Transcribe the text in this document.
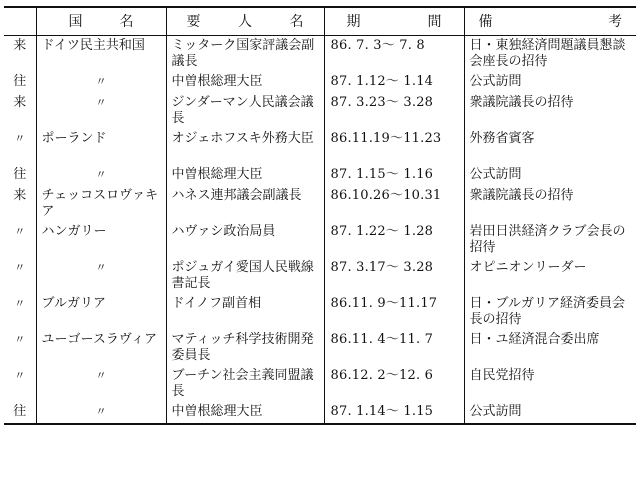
	国 名	要 人 名	期 間	備 考

来	ドイツ民主共和国	ミッターク国家評議会副議長	86. 7. 3～ 7. 8	日・東独経済問題議員懇談会座長の招待
往	〃	中曽根総理大臣	87. 1.12～ 1.14	公式訪問
来	〃	ジンダーマン人民議会議長	87. 3.23～ 3.28	衆議院議長の招待
〃	ポーランド	オジェホフスキ外務大臣	86.11.19～11.23	外務省賓客
往	〃	中曽根総理大臣	87. 1.15～ 1.16	公式訪問
来	チェッコスロヴァキア	ハネス連邦議会副議長	86.10.26～10.31	衆議院議長の招待
〃	ハンガリー	ハヴァシ政治局員	87. 1.22～ 1.28	岩田日洪経済クラブ会長の招待
〃	〃	ポジュガイ愛国人民戦線書記長	87. 3.17～ 3.28	オピニオンリーダー
〃	ブルガリア	ドイノフ副首相	86.11. 9～11.17	日・ブルガリア経済委員会長の招待
〃	ユーゴースラヴィア	マティッチ科学技術開発委員長	86.11. 4～11. 7	日・ユ経済混合委出席
〃	〃	ブーチン社会主義同盟議長	86.12. 2～12. 6	自民党招待
往	〃	中曽根総理大臣	87. 1.14～ 1.15	公式訪問
